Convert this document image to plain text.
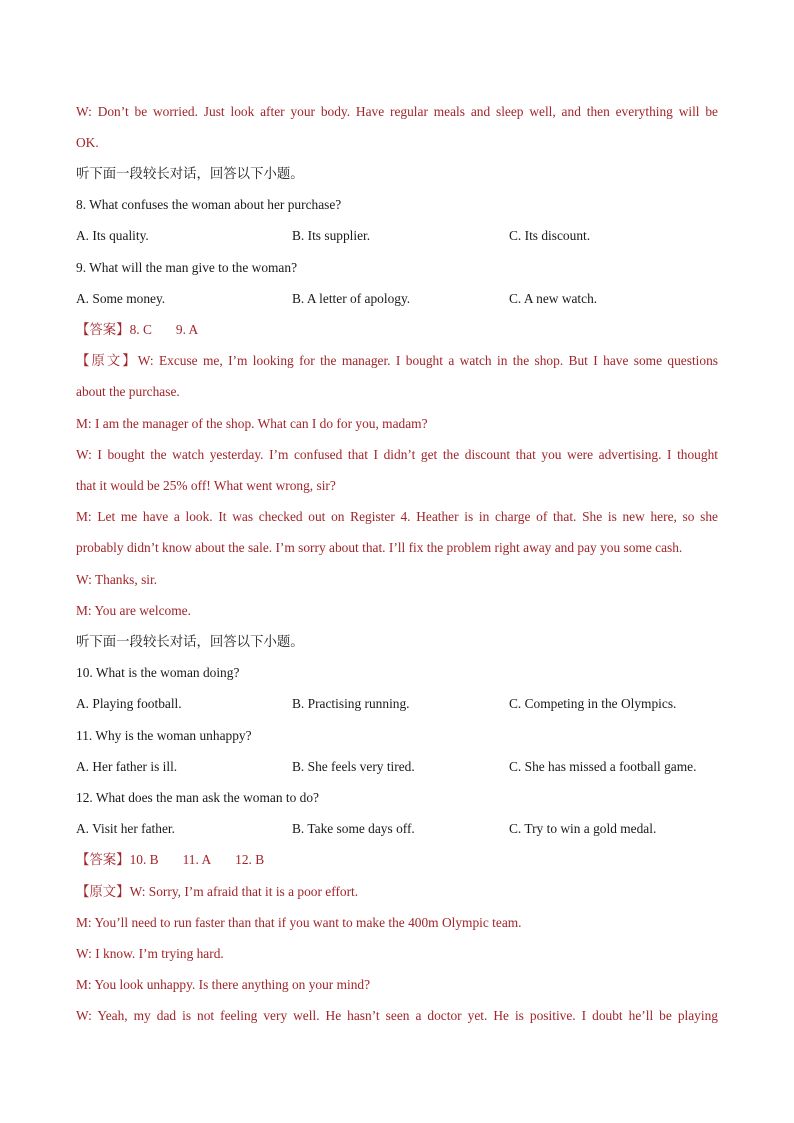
W: Don’t be worried. Just look after your body. Have regular meals and sleep well, and then everything will be
OK.
听下面一段较长对话，回答以下小题。
8. What confuses the woman about her purchase?
A. Its quality.	B. Its supplier.	C. Its discount.
9. What will the man give to the woman?
A. Some money.	B. A letter of apology.	C. A new watch.
【答案】8. C 9. A
【原文】W: Excuse me, I’m looking for the manager. I bought a watch in the shop. But I have some questions
about the purchase.
M: I am the manager of the shop. What can I do for you, madam?
W: I bought the watch yesterday. I’m confused that I didn’t get the discount that you were advertising. I thought
that it would be 25% off! What went wrong, sir?
M: Let me have a look. It was checked out on Register 4. Heather is in charge of that. She is new here, so she
probably didn’t know about the sale. I’m sorry about that. I’ll fix the problem right away and pay you some cash.
W: Thanks, sir.
M: You are welcome.
听下面一段较长对话，回答以下小题。
10. What is the woman doing?
A. Playing football.	B. Practising running.	C. Competing in the Olympics.
11. Why is the woman unhappy?
A. Her father is ill.	B. She feels very tired.	C. She has missed a football game.
12. What does the man ask the woman to do?
A. Visit her father.	B. Take some days off.	C. Try to win a gold medal.
【答案】10. B 11. A 12. B
【原文】W: Sorry, I’m afraid that it is a poor effort.
M: You’ll need to run faster than that if you want to make the 400m Olympic team.
W: I know. I’m trying hard.
M: You look unhappy. Is there anything on your mind?
W: Yeah, my dad is not feeling very well. He hasn’t seen a doctor yet. He is positive. I doubt he’ll be playing
